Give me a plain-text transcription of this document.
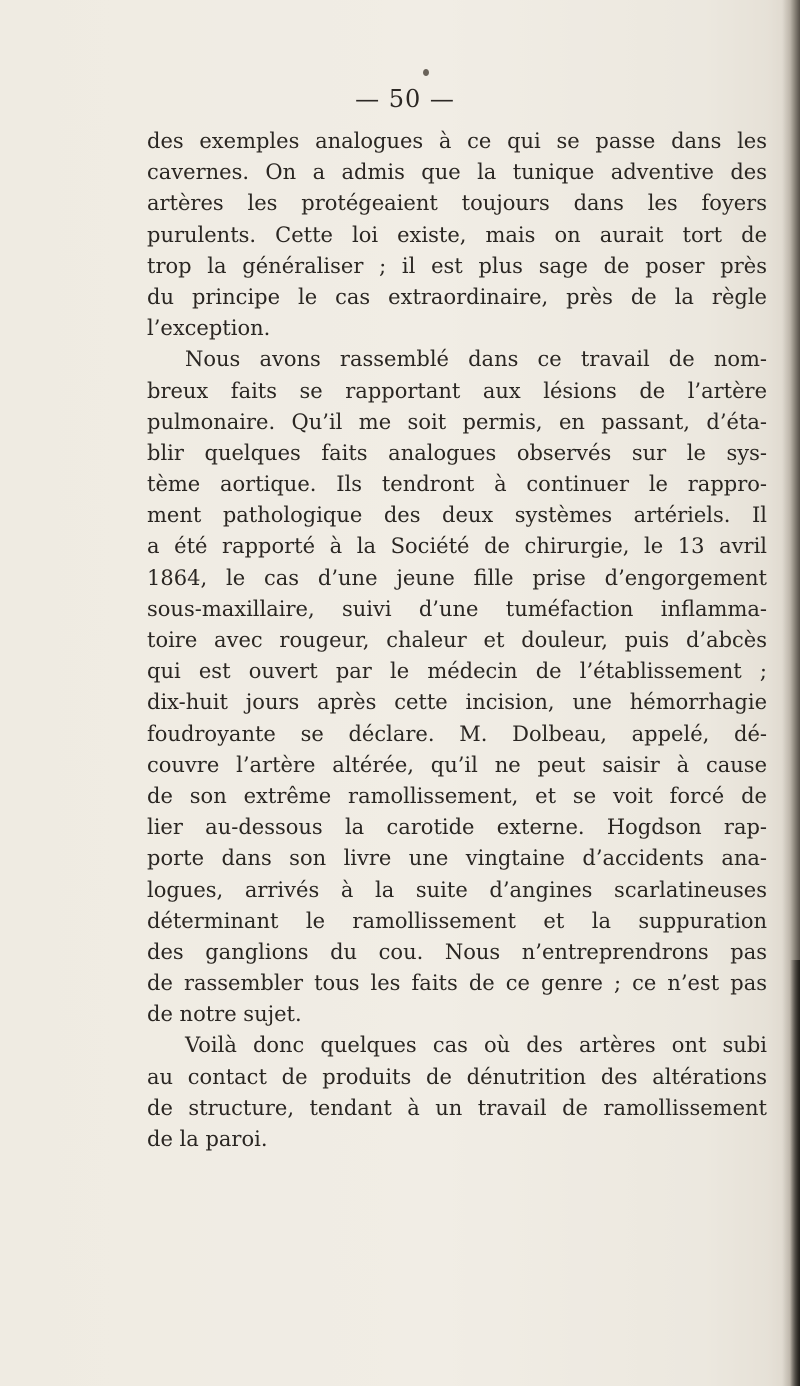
— 50 —
des exemples analogues à ce qui se passe dans les
cavernes. On a admis que la tunique adventive des
artères les protégeaient toujours dans les foyers
purulents. Cette loi existe, mais on aurait tort de
trop la généraliser ; il est plus sage de poser près
du principe le cas extraordinaire, près de la règle
l’exception.
Nous avons rassemblé dans ce travail de nom-
breux faits se rapportant aux lésions de l’artère
pulmonaire. Qu’il me soit permis, en passant, d’éta-
blir quelques faits analogues observés sur le sys-
tème aortique. Ils tendront à continuer le rappro-
ment pathologique des deux systèmes artériels. Il
a été rapporté à la Société de chirurgie, le 13 avril
1864, le cas d’une jeune fille prise d’engorgement
sous-maxillaire, suivi d’une tuméfaction inflamma-
toire avec rougeur, chaleur et douleur, puis d’abcès
qui est ouvert par le médecin de l’établissement ;
dix-huit jours après cette incision, une hémorrhagie
foudroyante se déclare. M. Dolbeau, appelé, dé-
couvre l’artère altérée, qu’il ne peut saisir à cause
de son extrême ramollissement, et se voit forcé de
lier au-dessous la carotide externe. Hogdson rap-
porte dans son livre une vingtaine d’accidents ana-
logues, arrivés à la suite d’angines scarlatineuses
déterminant le ramollissement et la suppuration
des ganglions du cou. Nous n’entreprendrons pas
de rassembler tous les faits de ce genre ; ce n’est pas
de notre sujet.
Voilà donc quelques cas où des artères ont subi
au contact de produits de dénutrition des altérations
de structure, tendant à un travail de ramollissement
de la paroi.
